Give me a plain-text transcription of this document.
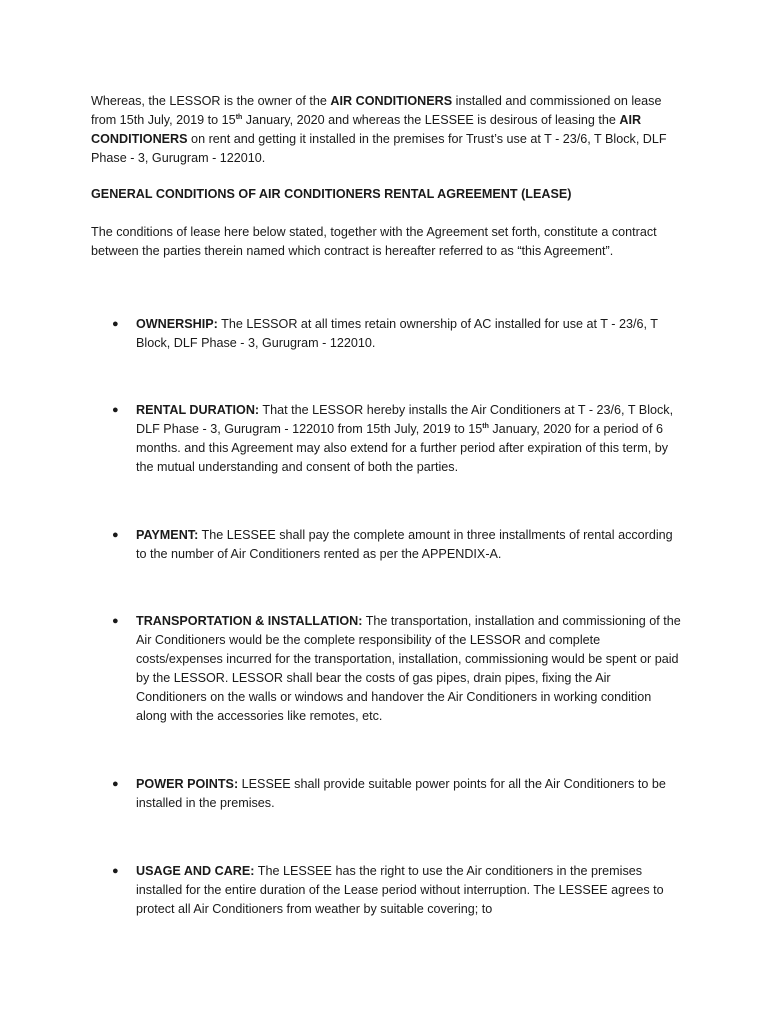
Whereas, the LESSOR is the owner of the AIR CONDITIONERS installed and commissioned on lease from 15th July, 2019 to 15th January, 2020 and whereas the LESSEE is desirous of leasing the AIR CONDITIONERS on rent and getting it installed in the premises for Trust’s use at T - 23/6, T Block, DLF Phase - 3, Gurugram - 122010.

GENERAL CONDITIONS OF AIR CONDITIONERS RENTAL AGREEMENT (LEASE)

The conditions of lease here below stated, together with the Agreement set forth, constitute a contract between the parties therein named which contract is hereafter referred to as “this Agreement”.

● OWNERSHIP: The LESSOR at all times retain ownership of AC installed for use at T - 23/6, T Block, DLF Phase - 3, Gurugram - 122010.
● RENTAL DURATION: That the LESSOR hereby installs the Air Conditioners at T - 23/6, T Block, DLF Phase - 3, Gurugram - 122010 from 15th July, 2019 to 15th January, 2020 for a period of 6 months. and this Agreement may also extend for a further period after expiration of this term, by the mutual understanding and consent of both the parties.
● PAYMENT: The LESSEE shall pay the complete amount in three installments of rental according to the number of Air Conditioners rented as per the APPENDIX-A.
● TRANSPORTATION & INSTALLATION: The transportation, installation and commissioning of the Air Conditioners would be the complete responsibility of the LESSOR and complete costs/expenses incurred for the transportation, installation, commissioning would be spent or paid by the LESSOR. LESSOR shall bear the costs of gas pipes, drain pipes, fixing the Air Conditioners on the walls or windows and handover the Air Conditioners in working condition along with the accessories like remotes, etc.
● POWER POINTS: LESSEE shall provide suitable power points for all the Air Conditioners to be installed in the premises.
● USAGE AND CARE: The LESSEE has the right to use the Air conditioners in the premises installed for the entire duration of the Lease period without interruption. The LESSEE agrees to protect all Air Conditioners from weather by suitable covering; to
